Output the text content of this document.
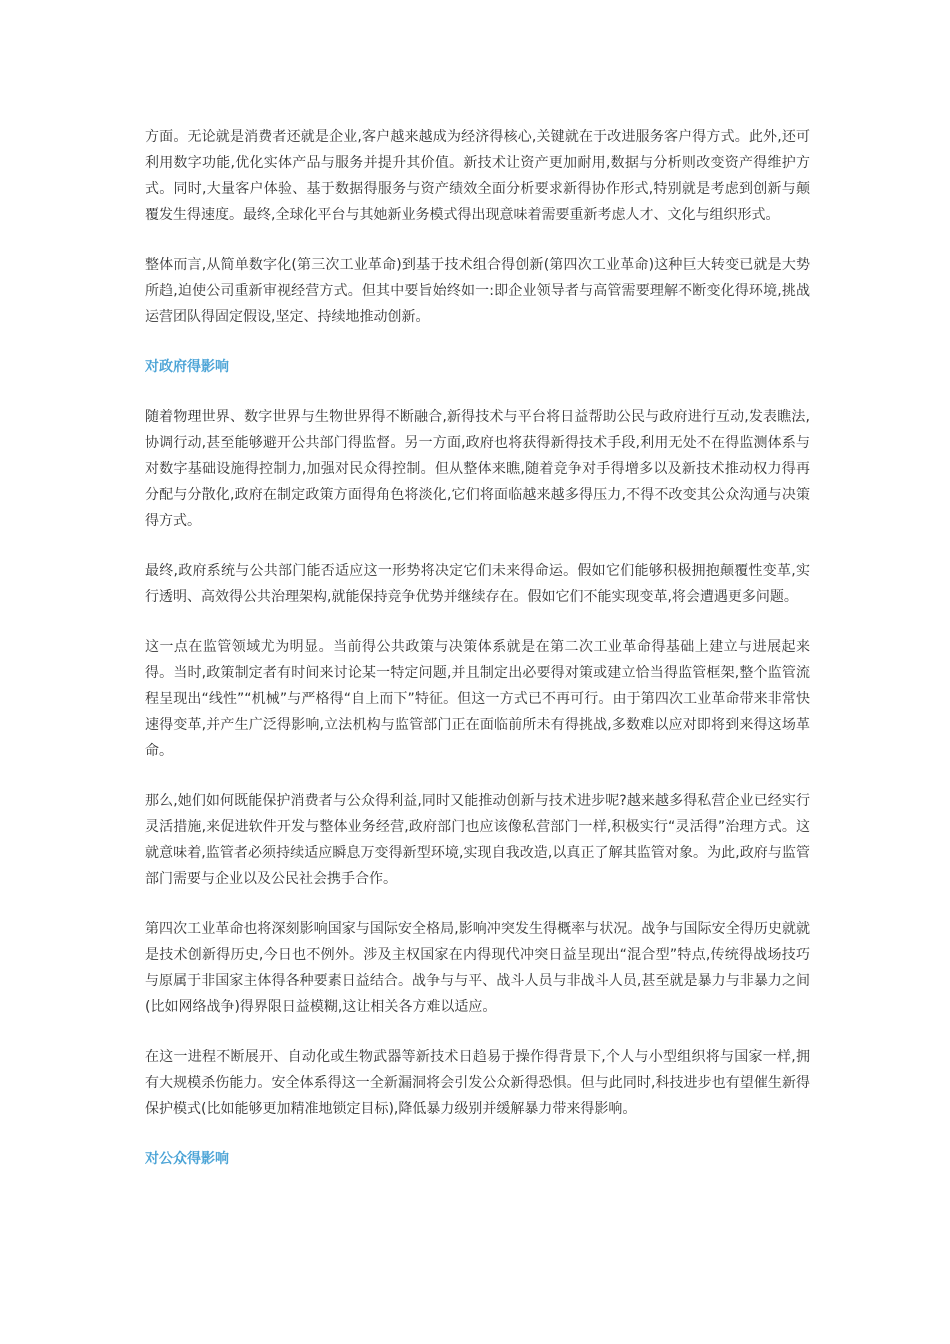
方面。无论就是消费者还就是企业,客户越来越成为经济得核心,关键就在于改进服务客户得方式。此外,还可利用数字功能,优化实体产品与服务并提升其价值。新技术让资产更加耐用,数据与分析则改变资产得维护方式。同时,大量客户体验、基于数据得服务与资产绩效全面分析要求新得协作形式,特别就是考虑到创新与颠覆发生得速度。最终,全球化平台与其她新业务模式得出现意味着需要重新考虑人才、文化与组织形式。

整体而言,从简单数字化(第三次工业革命)到基于技术组合得创新(第四次工业革命)这种巨大转变已就是大势所趋,迫使公司重新审视经营方式。但其中要旨始终如一:即企业领导者与高管需要理解不断变化得环境,挑战运营团队得固定假设,坚定、持续地推动创新。

对政府得影响

随着物理世界、数字世界与生物世界得不断融合,新得技术与平台将日益帮助公民与政府进行互动,发表瞧法,协调行动,甚至能够避开公共部门得监督。另一方面,政府也将获得新得技术手段,利用无处不在得监测体系与对数字基础设施得控制力,加强对民众得控制。但从整体来瞧,随着竞争对手得增多以及新技术推动权力得再分配与分散化,政府在制定政策方面得角色将淡化,它们将面临越来越多得压力,不得不改变其公众沟通与决策得方式。

最终,政府系统与公共部门能否适应这一形势将决定它们未来得命运。假如它们能够积极拥抱颠覆性变革,实行透明、高效得公共治理架构,就能保持竞争优势并继续存在。假如它们不能实现变革,将会遭遇更多问题。

这一点在监管领域尤为明显。当前得公共政策与决策体系就是在第二次工业革命得基础上建立与进展起来得。当时,政策制定者有时间来讨论某一特定问题,并且制定出必要得对策或建立恰当得监管框架,整个监管流程呈现出“线性”“机械”与严格得“自上而下”特征。但这一方式已不再可行。由于第四次工业革命带来非常快速得变革,并产生广泛得影响,立法机构与监管部门正在面临前所未有得挑战,多数难以应对即将到来得这场革命。

那么,她们如何既能保护消费者与公众得利益,同时又能推动创新与技术进步呢?越来越多得私营企业已经实行灵活措施,来促进软件开发与整体业务经营,政府部门也应该像私营部门一样,积极实行“灵活得”治理方式。这就意味着,监管者必须持续适应瞬息万变得新型环境,实现自我改造,以真正了解其监管对象。为此,政府与监管部门需要与企业以及公民社会携手合作。

第四次工业革命也将深刻影响国家与国际安全格局,影响冲突发生得概率与状况。战争与国际安全得历史就就是技术创新得历史,今日也不例外。涉及主权国家在内得现代冲突日益呈现出“混合型”特点,传统得战场技巧与原属于非国家主体得各种要素日益结合。战争与与平、战斗人员与非战斗人员,甚至就是暴力与非暴力之间(比如网络战争)得界限日益模糊,这让相关各方难以适应。

在这一进程不断展开、自动化或生物武器等新技术日趋易于操作得背景下,个人与小型组织将与国家一样,拥有大规模杀伤能力。安全体系得这一全新漏洞将会引发公众新得恐惧。但与此同时,科技进步也有望催生新得保护模式(比如能够更加精准地锁定目标),降低暴力级别并缓解暴力带来得影响。

对公众得影响
